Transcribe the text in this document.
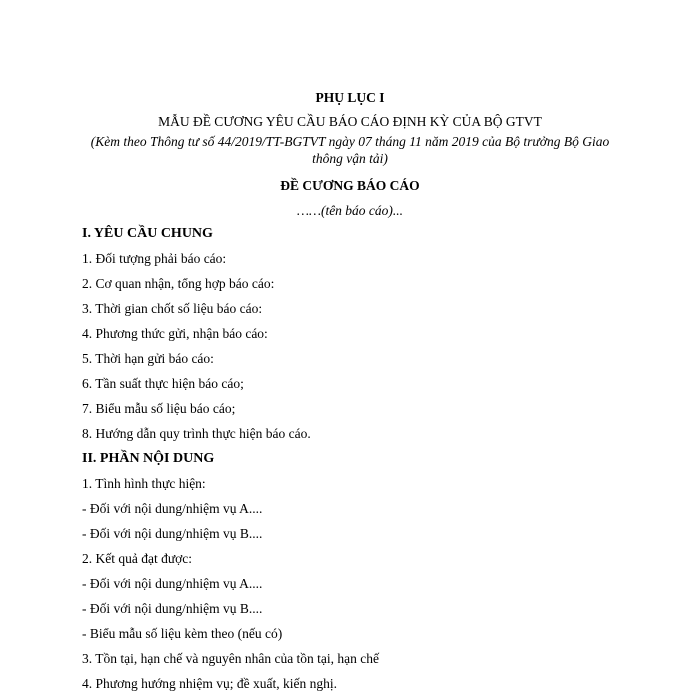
PHỤ LỤC I
MẪU ĐỀ CƯƠNG YÊU CẦU BÁO CÁO ĐỊNH KỲ CỦA BỘ GTVT
(Kèm theo Thông tư số 44/2019/TT-BGTVT ngày 07 tháng 11 năm 2019 của Bộ trưởng Bộ Giao
thông vận tải)
ĐỀ CƯƠNG BÁO CÁO
……(tên báo cáo)...
I. YÊU CẦU CHUNG
1. Đối tượng phải báo cáo:
2. Cơ quan nhận, tổng hợp báo cáo:
3. Thời gian chốt số liệu báo cáo:
4. Phương thức gửi, nhận báo cáo:
5. Thời hạn gửi báo cáo:
6. Tần suất thực hiện báo cáo;
7. Biểu mẫu số liệu báo cáo;
8. Hướng dẫn quy trình thực hiện báo cáo.
II. PHẦN NỘI DUNG
1. Tình hình thực hiện:
- Đối với nội dung/nhiệm vụ A....
- Đối với nội dung/nhiệm vụ B....
2. Kết quả đạt được:
- Đối với nội dung/nhiệm vụ A....
- Đối với nội dung/nhiệm vụ B....
- Biểu mẫu số liệu kèm theo (nếu có)
3. Tồn tại, hạn chế và nguyên nhân của tồn tại, hạn chế
4. Phương hướng nhiệm vụ; đề xuất, kiến nghị.
